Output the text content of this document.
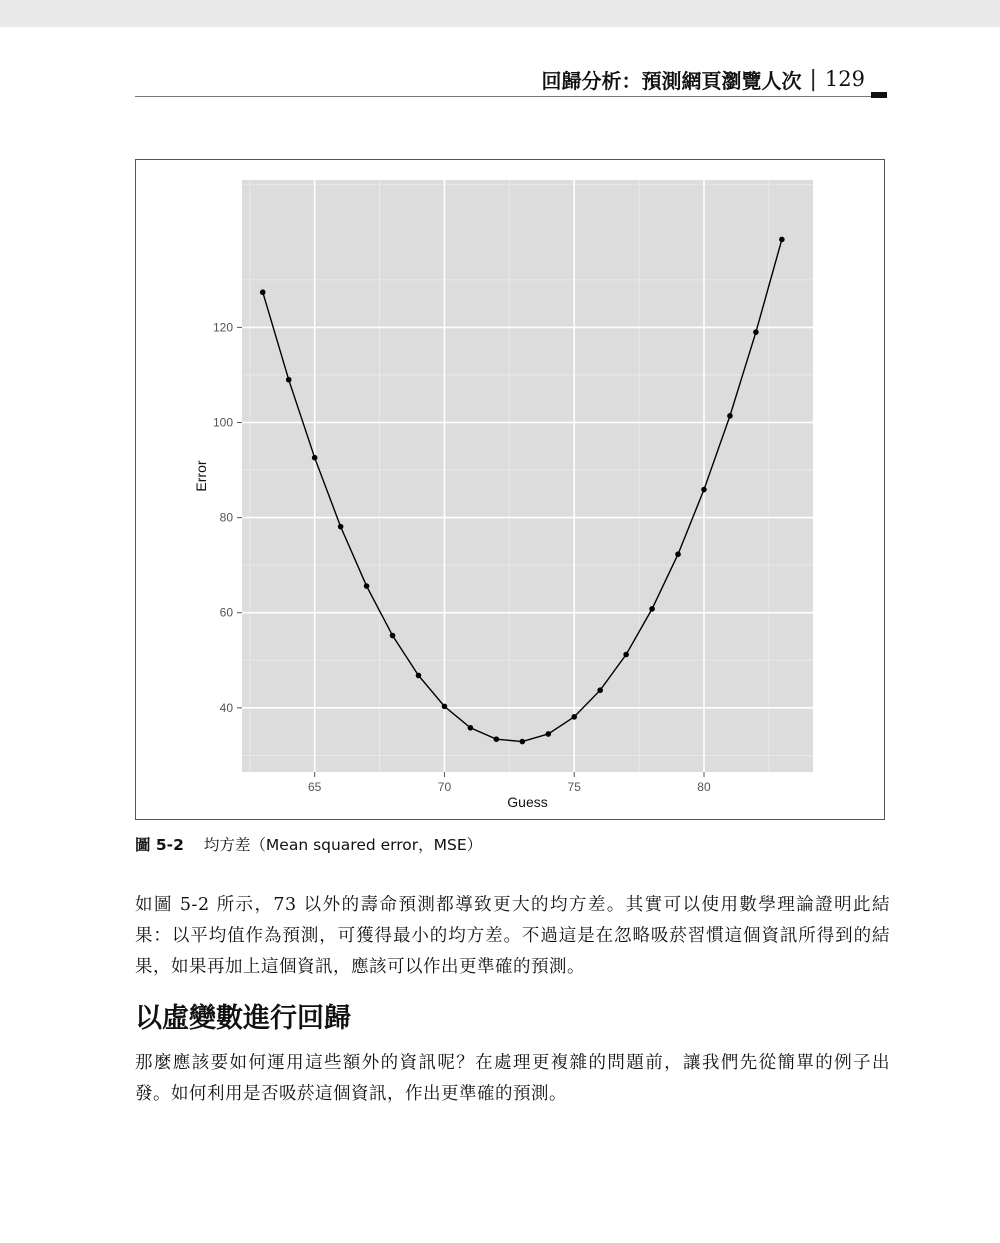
回歸分析：預測網頁瀏覽人次 | 129
65	70	75	80
40
60
80
100
120
Guess
Error
圖 5-2 均方差（Mean squared error，MSE）

如圖 5-2 所示，73 以外的壽命預測都導致更大的均方差。其實可以使用數學理論證明此結果：以平均值作為預測，可獲得最小的均方差。不過這是在忽略吸菸習慣這個資訊所得到的結果，如果再加上這個資訊，應該可以作出更準確的預測。

以虛變數進行回歸

那麼應該要如何運用這些額外的資訊呢？在處理更複雜的問題前，讓我們先從簡單的例子出發。如何利用是否吸菸這個資訊，作出更準確的預測。
